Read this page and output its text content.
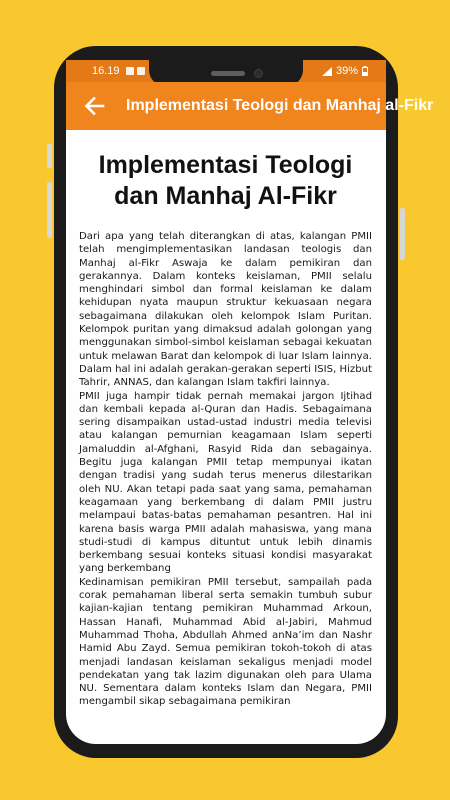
16.19	39%
Implementasi Teologi dan Manhaj al-Fikr
Implementasi Teologi dan Manhaj Al-Fikr

Dari apa yang telah diterangkan di atas, kalangan PMII telah mengimplementasikan landasan teologis dan Manhaj al-Fikr Aswaja ke dalam pemikiran dan gerakannya. Dalam konteks keislaman, PMII selalu menghindari simbol dan formal keislaman ke dalam kehidupan nyata maupun struktur kekuasaan negara sebagaimana dilakukan oleh kelompok Islam Puritan. Kelompok puritan yang dimaksud adalah golongan yang menggunakan simbol-simbol keislaman sebagai kekuatan untuk melawan Barat dan kelompok di luar Islam lainnya. Dalam hal ini adalah gerakan-gerakan seperti ISIS, Hizbut Tahrir, ANNAS, dan kalangan Islam takfiri lainnya.

PMII juga hampir tidak pernah memakai jargon Ijtihad dan kembali kepada al-Quran dan Hadis. Sebagaimana sering disampaikan ustad-ustad industri media televisi atau kalangan pemurnian keagamaan Islam seperti Jamaluddin al-Afghani, Rasyid Rida dan sebagainya. Begitu juga kalangan PMII tetap mempunyai ikatan dengan tradisi yang sudah terus menerus dilestarikan oleh NU. Akan tetapi pada saat yang sama, pemahaman keagamaan yang berkembang di dalam PMII justru melampaui batas-batas pemahaman pesantren. Hal ini karena basis warga PMII adalah mahasiswa, yang mana studi-studi di kampus dituntut untuk lebih dinamis berkembang sesuai konteks situasi kondisi masyarakat yang berkembang

Kedinamisan pemikiran PMII tersebut, sampailah pada corak pemahaman liberal serta semakin tumbuh subur kajian-kajian tentang pemikiran Muhammad Arkoun, Hassan Hanafi, Muhammad Abid al-Jabiri, Mahmud Muhammad Thoha, Abdullah Ahmed anNa’im dan Nashr Hamid Abu Zayd. Semua pemikiran tokoh-tokoh di atas menjadi landasan keislaman sekaligus menjadi model pendekatan yang tak lazim digunakan oleh para Ulama NU. Sementara dalam konteks Islam dan Negara, PMII mengambil sikap sebagaimana pemikiran
